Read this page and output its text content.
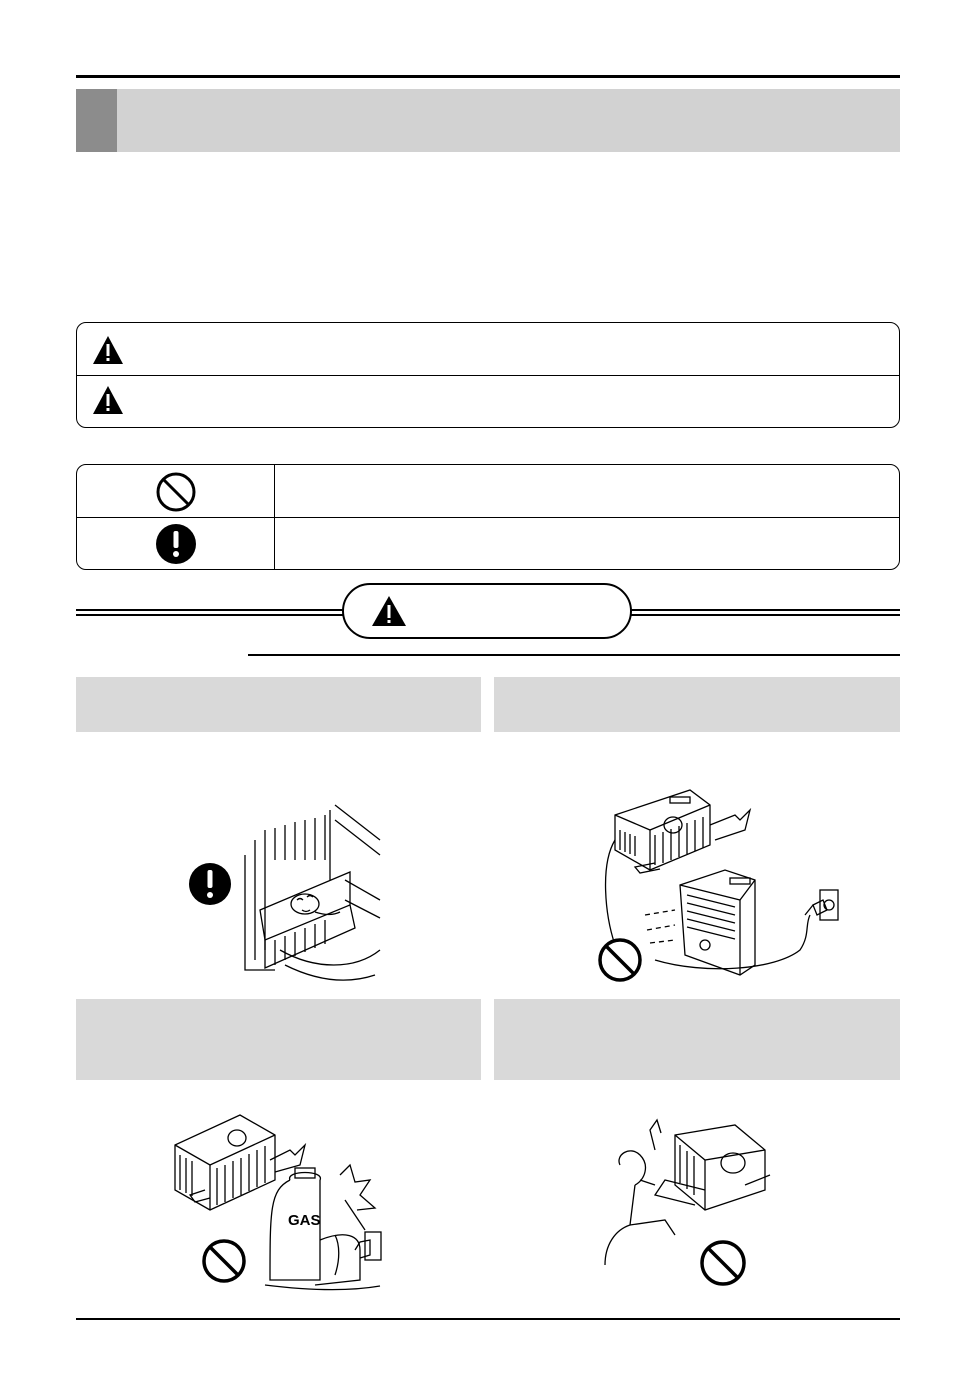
GAS
